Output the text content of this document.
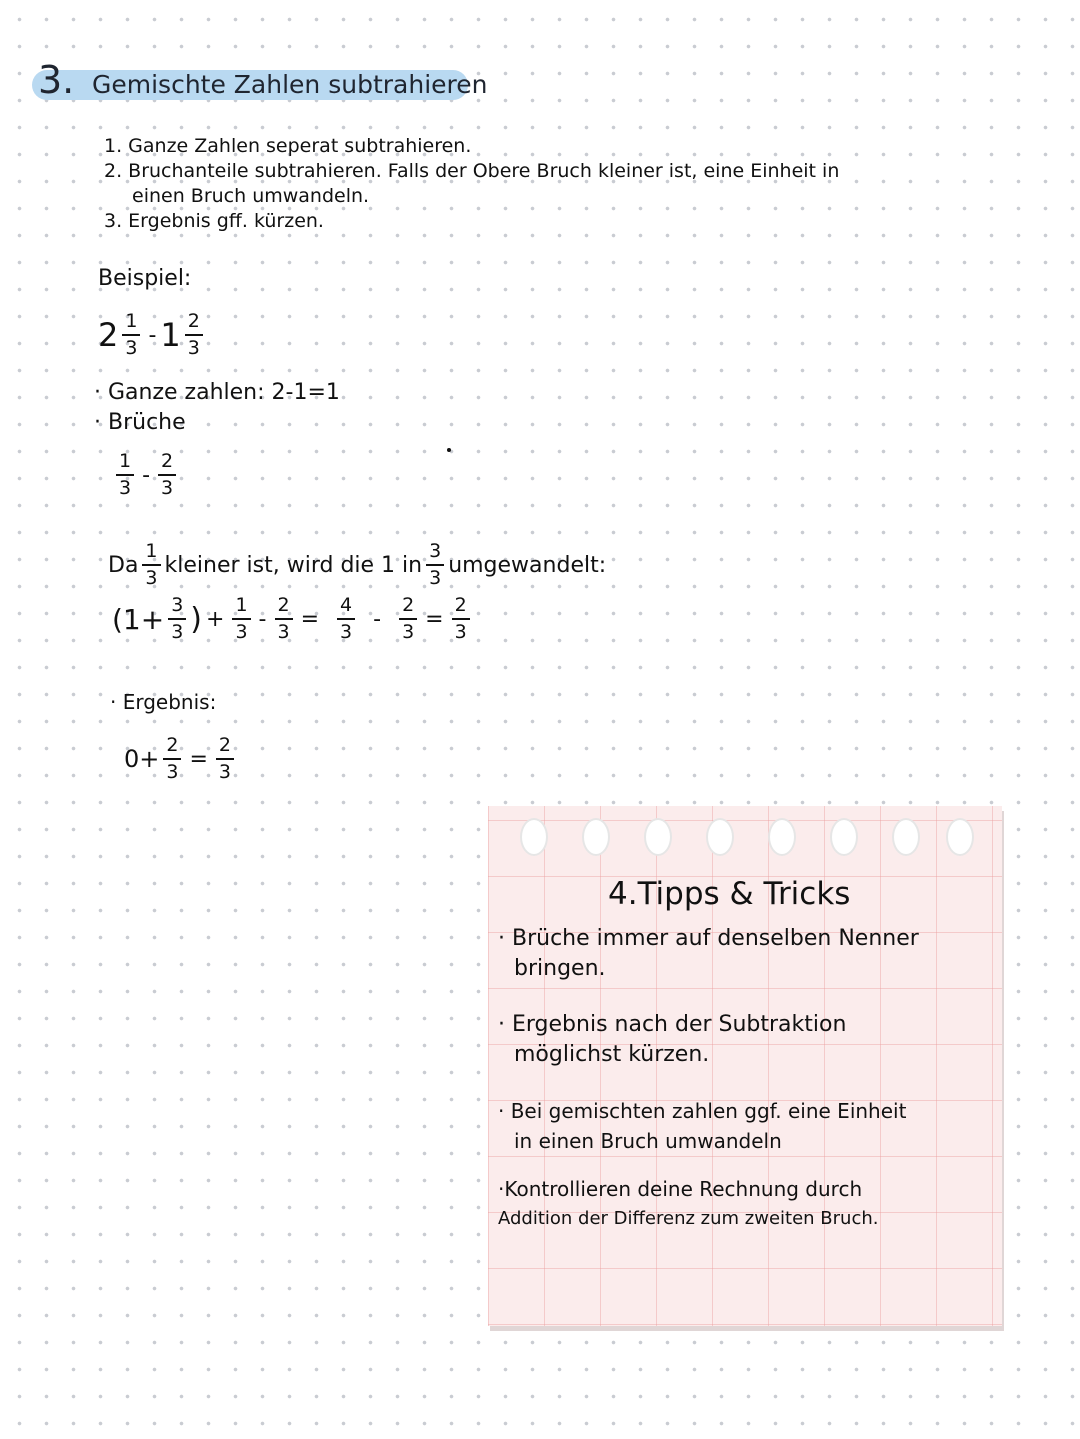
3. Gemischte Zahlen subtrahieren
1. Ganze Zahlen seperat subtrahieren.
2. Bruchanteile subtrahieren. Falls der Obere Bruch kleiner ist, eine Einheit in
einen Bruch umwandeln.
3. Ergebnis gff. kürzen.
Beispiel:
$2 \frac{1}{3} - 1 \frac{2}{3}$
· Ganze zahlen: 2-1=1
· Brüche
$\frac{1}{3} - \frac{2}{3}$
Da $\frac{1}{3}$ kleiner ist, wird die 1 in $\frac{3}{3}$ umgewandelt:
($1+ \frac{3}{3}$ ) + $\frac{1}{3} - \frac{2}{3} = \frac{4}{3} - \frac{2}{3} = \frac{2}{3}$
· Ergebnis:
$0+ \frac{2}{3} = \frac{2}{3}$
4.Tipps & Tricks
· Brüche immer auf denselben Nenner
bringen.
· Ergebnis nach der Subtraktion
möglichst kürzen.
· Bei gemischten zahlen ggf. eine Einheit
in einen Bruch umwandeln
·Kontrollieren deine Rechnung durch
Addition der Differenz zum zweiten Bruch.
